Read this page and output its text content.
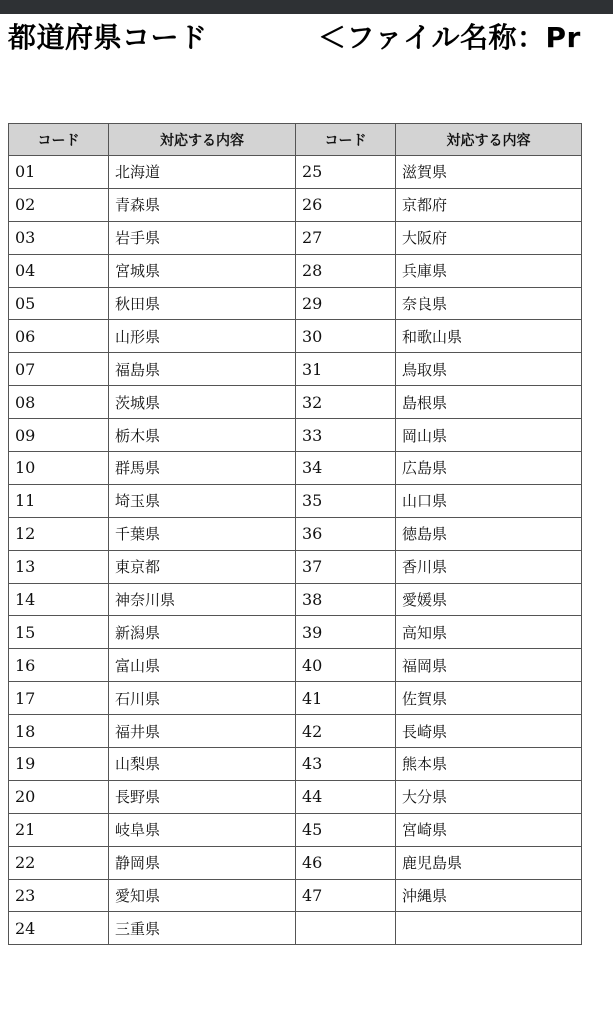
都道府県コード	＜ファイル名称：Pr
コード	対応する内容	コード	対応する内容
01	北海道	25	滋賀県
02	青森県	26	京都府
03	岩手県	27	大阪府
04	宮城県	28	兵庫県
05	秋田県	29	奈良県
06	山形県	30	和歌山県
07	福島県	31	鳥取県
08	茨城県	32	島根県
09	栃木県	33	岡山県
10	群馬県	34	広島県
11	埼玉県	35	山口県
12	千葉県	36	徳島県
13	東京都	37	香川県
14	神奈川県	38	愛媛県
15	新潟県	39	高知県
16	富山県	40	福岡県
17	石川県	41	佐賀県
18	福井県	42	長崎県
19	山梨県	43	熊本県
20	長野県	44	大分県
21	岐阜県	45	宮崎県
22	静岡県	46	鹿児島県
23	愛知県	47	沖縄県
24	三重県		
